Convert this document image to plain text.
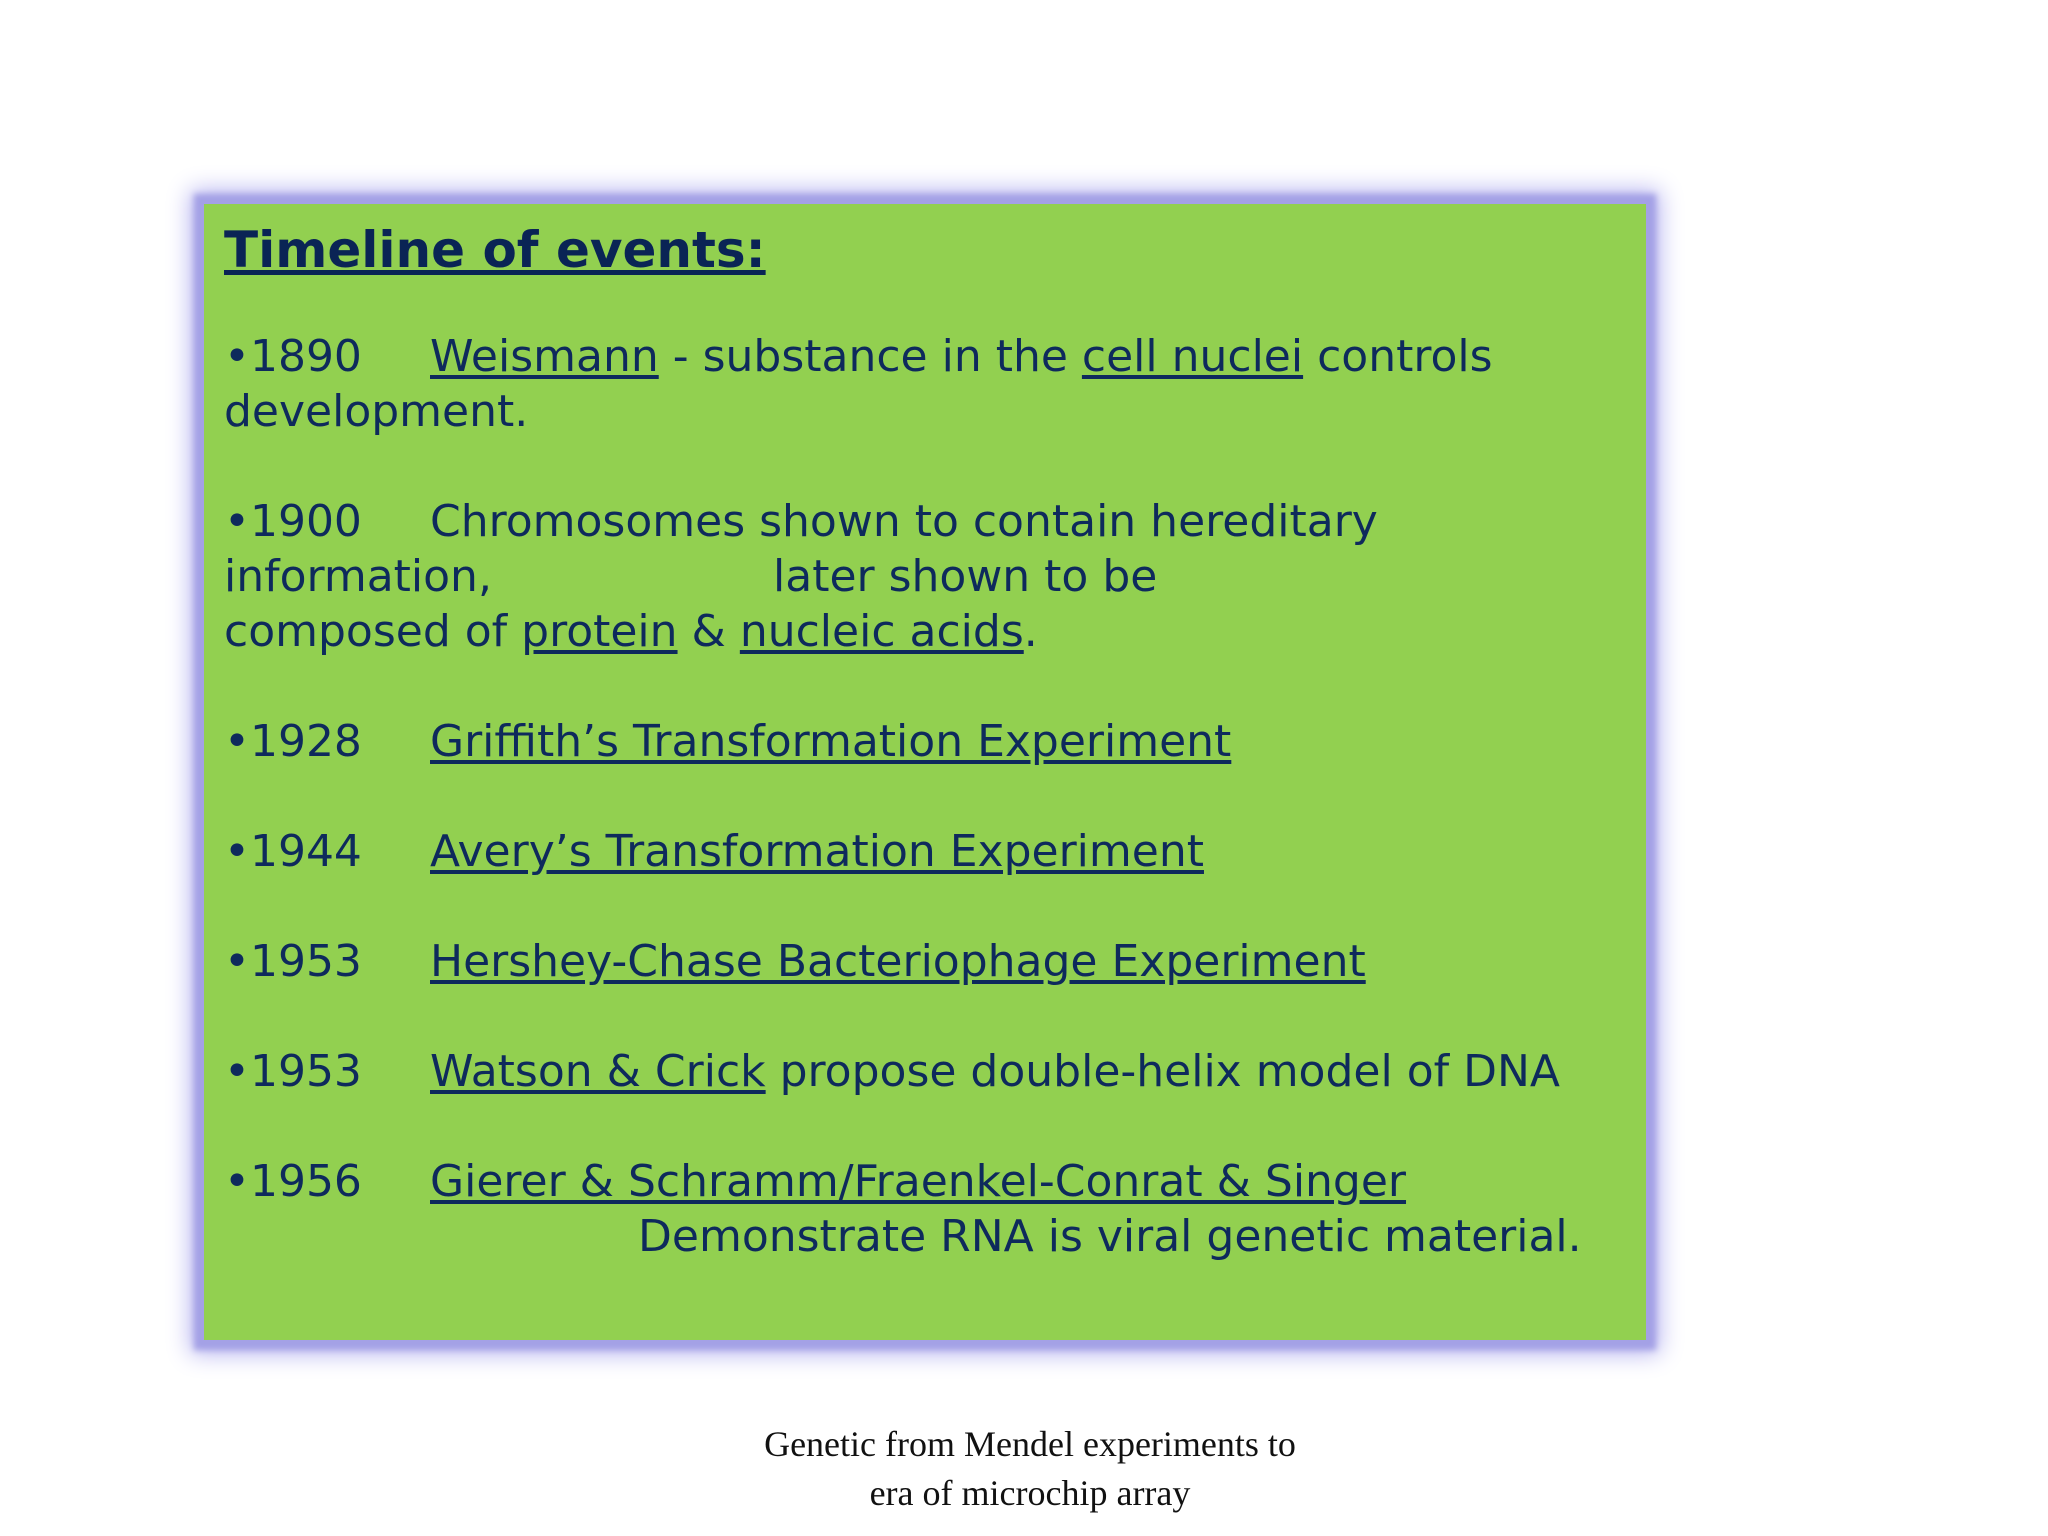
Timeline of events:
•1890 Weismann - substance in the cell nuclei controls
development.
•1900 Chromosomes shown to contain hereditary
information,	later shown to be
composed of protein & nucleic acids.
•1928 Griffith’s Transformation Experiment
•1944 Avery’s Transformation Experiment
•1953 Hershey-Chase Bacteriophage Experiment
•1953 Watson & Crick propose double-helix model of DNA
•1956 Gierer & Schramm/Fraenkel-Conrat & Singer
Demonstrate RNA is viral genetic material.
Genetic from Mendel experiments to
era of microchip array
